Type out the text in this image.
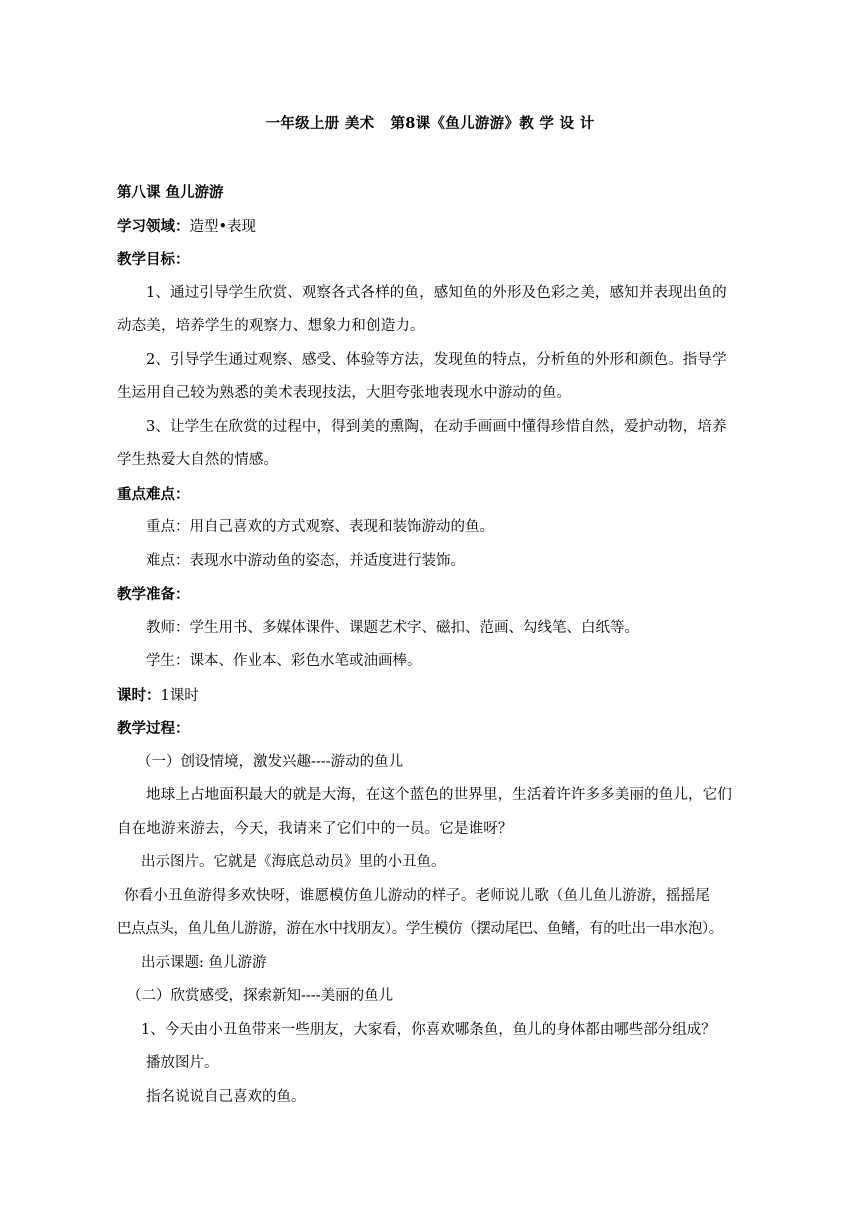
一年级上册 美术   第8课《鱼儿游游》教 学 设 计
第八课 鱼儿游游
学习领域：造型•表现
教学目标：
1、通过引导学生欣赏、观察各式各样的鱼，感知鱼的外形及色彩之美，感知并表现出鱼的
动态美，培养学生的观察力、想象力和创造力。
2、引导学生通过观察、感受、体验等方法，发现鱼的特点，分析鱼的外形和颜色。指导学
生运用自己较为熟悉的美术表现技法，大胆夸张地表现水中游动的鱼。
3、让学生在欣赏的过程中，得到美的熏陶，在动手画画中懂得珍惜自然，爱护动物，培养
学生热爱大自然的情感。
重点难点：
重点：用自己喜欢的方式观察、表现和装饰游动的鱼。
难点：表现水中游动鱼的姿态，并适度进行装饰。
教学准备：
教师：学生用书、多媒体课件、课题艺术字、磁扣、范画、勾线笔、白纸等。
学生：课本、作业本、彩色水笔或油画棒。
课时：1课时
教学过程：
（一）创设情境，激发兴趣----游动的鱼儿
地球上占地面积最大的就是大海，在这个蓝色的世界里，生活着许许多多美丽的鱼儿，它们
自在地游来游去，今天，我请来了它们中的一员。它是谁呀？
出示图片。它就是《海底总动员》里的小丑鱼。
你看小丑鱼游得多欢快呀，谁愿模仿鱼儿游动的样子。老师说儿歌（鱼儿鱼儿游游，摇摇尾
巴点点头，鱼儿鱼儿游游，游在水中找朋友）。学生模仿（摆动尾巴、鱼鳍，有的吐出一串水泡）。
出示课题: 鱼儿游游
（二）欣赏感受，探索新知----美丽的鱼儿
1、今天由小丑鱼带来一些朋友，大家看，你喜欢哪条鱼，鱼儿的身体都由哪些部分组成？
播放图片。
指名说说自己喜欢的鱼。
